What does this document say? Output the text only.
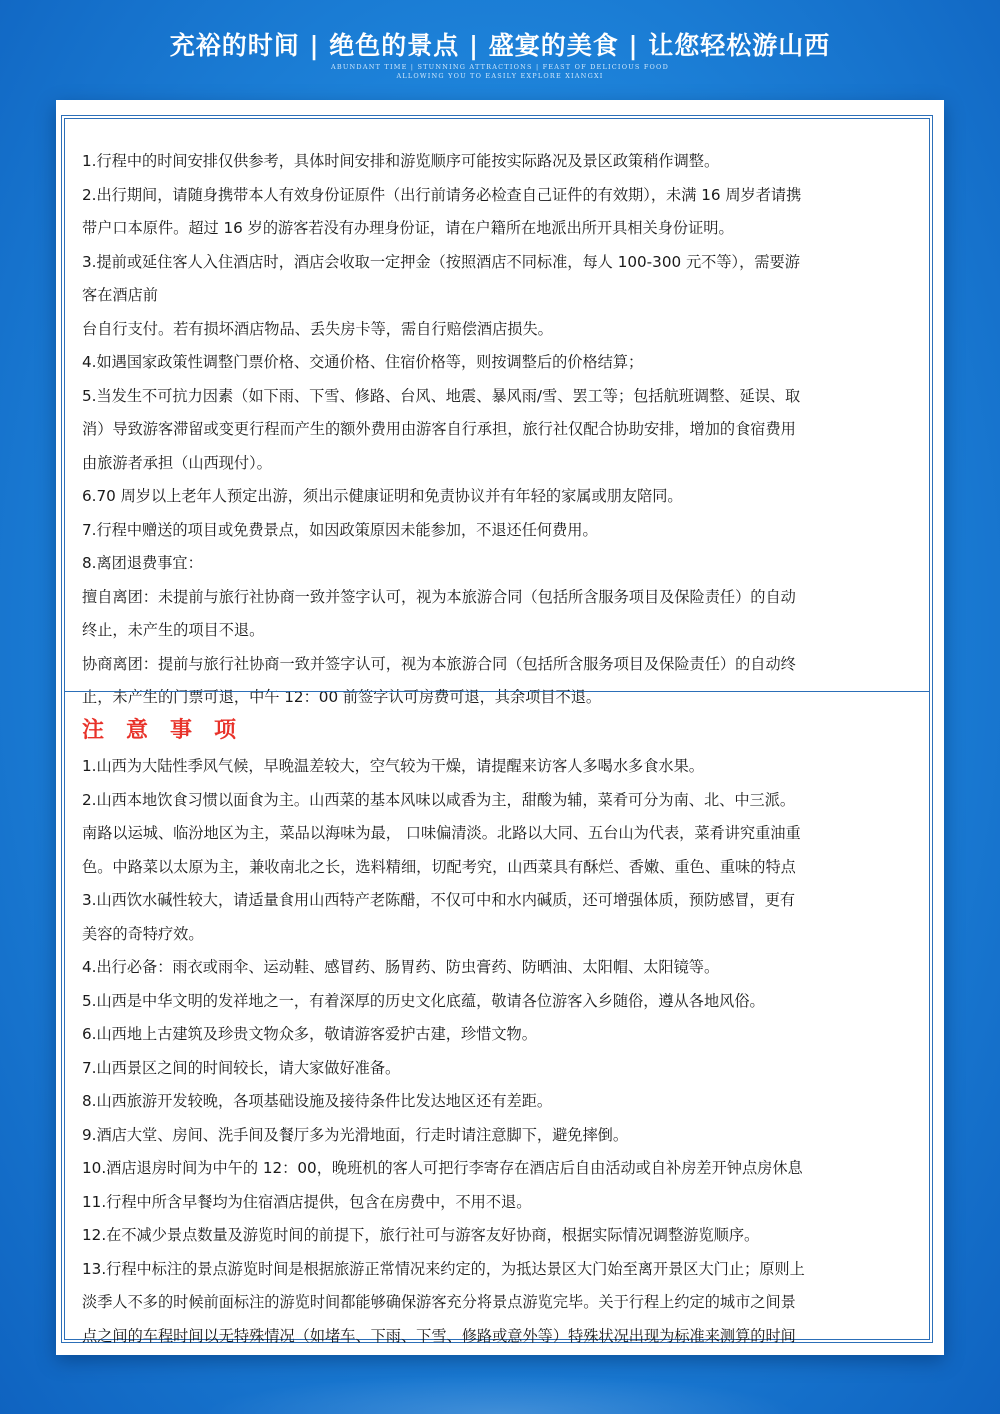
充裕的时间 | 绝色的景点 | 盛宴的美食 | 让您轻松游山西
ABUNDANT TIME | STUNNING ATTRACTIONS | FEAST OF DELICIOUS FOOD
ALLOWING YOU TO EASILY EXPLORE XIANGXI

1.行程中的时间安排仅供参考，具体时间安排和游览顺序可能按实际路况及景区政策稍作调整。

2.出行期间，请随身携带本人有效身份证原件（出行前请务必检查自己证件的有效期），未满 16 周岁者请携

带户口本原件。超过 16 岁的游客若没有办理身份证，请在户籍所在地派出所开具相关身份证明。

3.提前或延住客人入住酒店时，酒店会收取一定押金（按照酒店不同标准，每人 100-300 元不等），需要游

客在酒店前

台自行支付。若有损坏酒店物品、丢失房卡等，需自行赔偿酒店损失。

4.如遇国家政策性调整门票价格、交通价格、住宿价格等，则按调整后的价格结算；

5.当发生不可抗力因素（如下雨、下雪、修路、台风、地震、暴风雨/雪、罢工等；包括航班调整、延误、取

消）导致游客滞留或变更行程而产生的额外费用由游客自行承担，旅行社仅配合协助安排，增加的食宿费用

由旅游者承担（山西现付）。

6.70 周岁以上老年人预定出游，须出示健康证明和免责协议并有年轻的家属或朋友陪同。

7.行程中赠送的项目或免费景点，如因政策原因未能参加，不退还任何费用。

8.离团退费事宜：

擅自离团：未提前与旅行社协商一致并签字认可，视为本旅游合同（包括所含服务项目及保险责任）的自动

终止，未产生的项目不退。

协商离团：提前与旅行社协商一致并签字认可，视为本旅游合同（包括所含服务项目及保险责任）的自动终

止，未产生的门票可退，中午 12：00 前签字认可房费可退，其余项目不退。

注意事项

1.山西为大陆性季风气候，早晚温差较大，空气较为干燥，请提醒来访客人多喝水多食水果。

2.山西本地饮食习惯以面食为主。山西菜的基本风味以咸香为主，甜酸为辅，菜肴可分为南、北、中三派。

南路以运城、临汾地区为主，菜品以海味为最， 口味偏清淡。北路以大同、五台山为代表，菜肴讲究重油重

色。中路菜以太原为主，兼收南北之长，选料精细，切配考究，山西菜具有酥烂、香嫩、重色、重味的特点

3.山西饮水碱性较大，请适量食用山西特产老陈醋，不仅可中和水内碱质，还可增强体质，预防感冒，更有

美容的奇特疗效。

4.出行必备：雨衣或雨伞、运动鞋、感冒药、肠胃药、防虫膏药、防晒油、太阳帽、太阳镜等。

5.山西是中华文明的发祥地之一，有着深厚的历史文化底蕴，敬请各位游客入乡随俗，遵从各地风俗。

6.山西地上古建筑及珍贵文物众多，敬请游客爱护古建，珍惜文物。

7.山西景区之间的时间较长，请大家做好准备。

8.山西旅游开发较晚，各项基础设施及接待条件比发达地区还有差距。

9.酒店大堂、房间、洗手间及餐厅多为光滑地面，行走时请注意脚下，避免摔倒。

10.酒店退房时间为中午的 12：00，晚班机的客人可把行李寄存在酒店后自由活动或自补房差开钟点房休息

11.行程中所含早餐均为住宿酒店提供，包含在房费中，不用不退。

12.在不减少景点数量及游览时间的前提下，旅行社可与游客友好协商，根据实际情况调整游览顺序。

13.行程中标注的景点游览时间是根据旅游正常情况来约定的，为抵达景区大门始至离开景区大门止；原则上

淡季人不多的时候前面标注的游览时间都能够确保游客充分将景点游览完毕。关于行程上约定的城市之间景

点之间的车程时间以无特殊情况（如堵车、下雨、下雪、修路或意外等）特殊状况出现为标准来测算的时间
